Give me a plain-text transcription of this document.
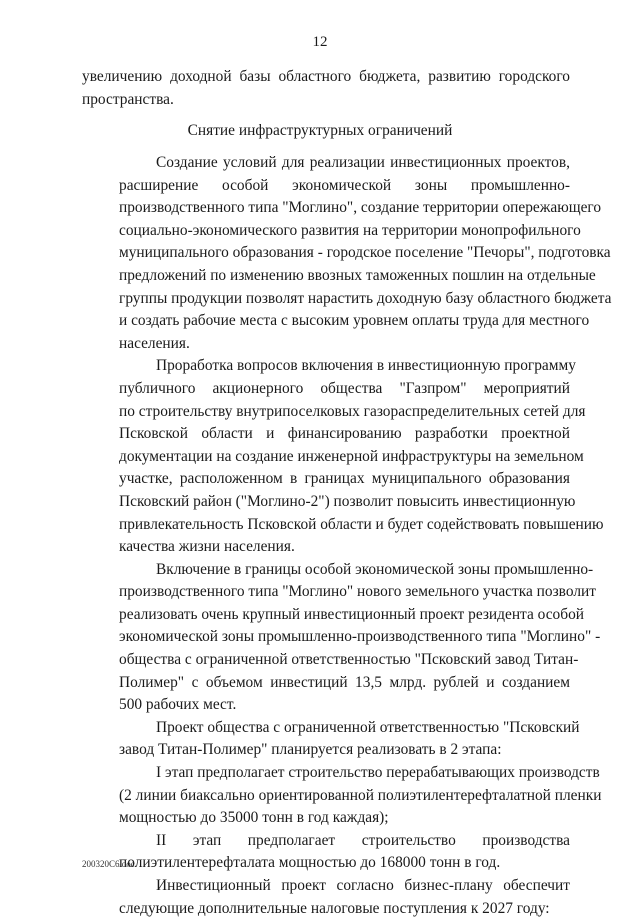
12

увеличению доходной базы областного бюджета, развитию городского
пространства.

Снятие инфраструктурных ограничений

Создание условий для реализации инвестиционных проектов,
расширение особой экономической зоны промышленно-
производственного типа "Моглино", создание территории опережающего
социально-экономического развития на территории монопрофильного
муниципального образования - городское поселение "Печоры", подготовка
предложений по изменению ввозных таможенных пошлин на отдельные
группы продукции позволят нарастить доходную базу областного бюджета
и создать рабочие места с высоким уровнем оплаты труда для местного
населения.

Проработка вопросов включения в инвестиционную программу
публичного акционерного общества "Газпром" мероприятий
по строительству внутрипоселковых газораспределительных сетей для
Псковской области и финансированию разработки проектной
документации на создание инженерной инфраструктуры на земельном
участке, расположенном в границах муниципального образования
Псковский район ("Моглино-2") позволит повысить инвестиционную
привлекательность Псковской области и будет содействовать повышению
качества жизни населения.

Включение в границы особой экономической зоны промышленно-
производственного типа "Моглино" нового земельного участка позволит
реализовать очень крупный инвестиционный проект резидента особой
экономической зоны промышленно-производственного типа "Моглино" -
общества с ограниченной ответственностью "Псковский завод Титан-
Полимер" с объемом инвестиций 13,5 млрд. рублей и созданием
500 рабочих мест.

Проект общества с ограниченной ответственностью "Псковский
завод Титан-Полимер" планируется реализовать в 2 этапа:

I этап предполагает строительство перерабатывающих производств
(2 линии биаксально ориентированной полиэтилентерефталатной пленки
мощностью до 35000 тонн в год каждая);

II этап предполагает строительство производства
полиэтилентерефталата мощностью до 168000 тонн в год.

Инвестиционный проект согласно бизнес-плану обеспечит
следующие дополнительные налоговые поступления к 2027 году:

200320С6.doc
